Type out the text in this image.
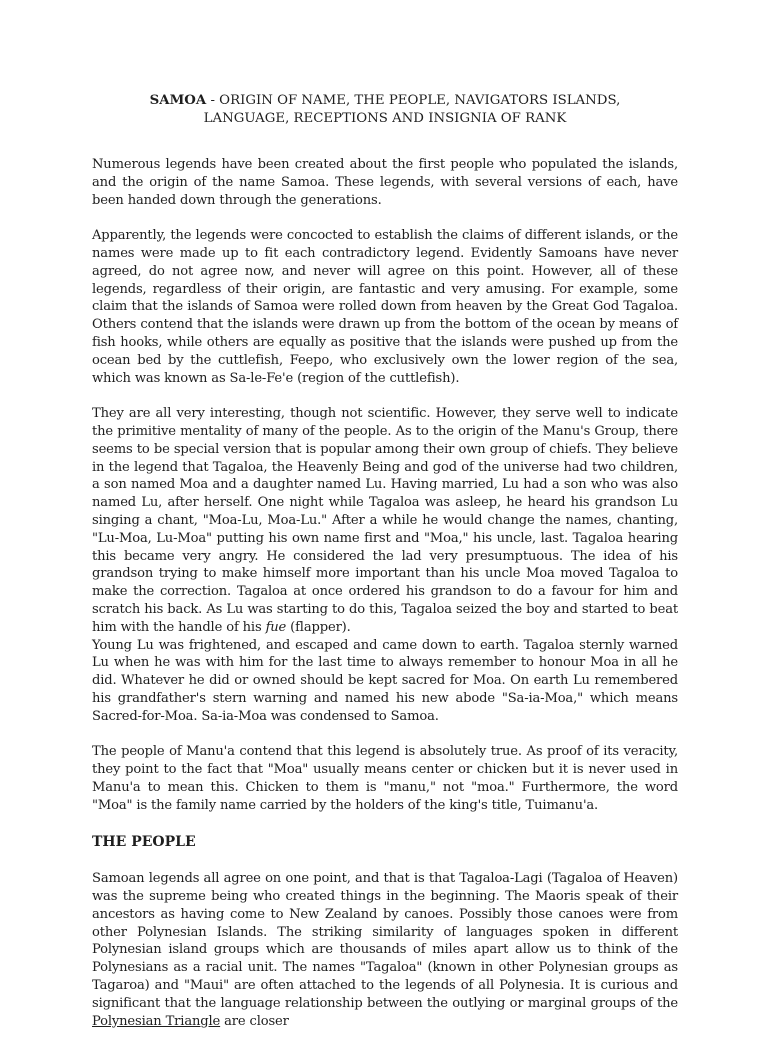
SAMOA - ORIGIN OF NAME, THE PEOPLE, NAVIGATORS ISLANDS,
LANGUAGE, RECEPTIONS AND INSIGNIA OF RANK

Numerous legends have been created about the first people who populated the islands, and the origin of the name Samoa. These legends, with several versions of each, have been handed down through the generations.

Apparently, the legends were concocted to establish the claims of different islands, or the names were made up to fit each contradictory legend. Evidently Samoans have never agreed, do not agree now, and never will agree on this point. However, all of these legends, regardless of their origin, are fantastic and very amusing. For example, some claim that the islands of Samoa were rolled down from heaven by the Great God Tagaloa. Others contend that the islands were drawn up from the bottom of the ocean by means of fish hooks, while others are equally as positive that the islands were pushed up from the ocean bed by the cuttlefish, Feepo, who exclusively own the lower region of the sea, which was known as Sa-le-Fe'e (region of the cuttlefish).

They are all very interesting, though not scientific. However, they serve well to indicate the primitive mentality of many of the people. As to the origin of the Manu's Group, there seems to be special version that is popular among their own group of chiefs. They believe in the legend that Tagaloa, the Heavenly Being and god of the universe had two children, a son named Moa and a daughter named Lu. Having married, Lu had a son who was also named Lu, after herself. One night while Tagaloa was asleep, he heard his grandson Lu singing a chant, "Moa-Lu, Moa-Lu." After a while he would change the names, chanting, "Lu-Moa, Lu-Moa" putting his own name first and "Moa," his uncle, last. Tagaloa hearing this became very angry. He considered the lad very presumptuous. The idea of his grandson trying to make himself more important than his uncle Moa moved Tagaloa to make the correction. Tagaloa at once ordered his grandson to do a favour for him and scratch his back. As Lu was starting to do this, Tagaloa seized the boy and started to beat him with the handle of his fue (flapper).

Young Lu was frightened, and escaped and came down to earth. Tagaloa sternly warned Lu when he was with him for the last time to always remember to honour Moa in all he did. Whatever he did or owned should be kept sacred for Moa. On earth Lu remembered his grandfather's stern warning and named his new abode "Sa-ia-Moa," which means Sacred-for-Moa. Sa-ia-Moa was condensed to Samoa.

The people of Manu'a contend that this legend is absolutely true. As proof of its veracity, they point to the fact that "Moa" usually means center or chicken but it is never used in Manu'a to mean this. Chicken to them is "manu," not "moa." Furthermore, the word "Moa" is the family name carried by the holders of the king's title, Tuimanu'a.

THE PEOPLE

Samoan legends all agree on one point, and that is that Tagaloa-Lagi (Tagaloa of Heaven) was the supreme being who created things in the beginning. The Maoris speak of their ancestors as having come to New Zealand by canoes. Possibly those canoes were from other Polynesian Islands. The striking similarity of languages spoken in different Polynesian island groups which are thousands of miles apart allow us to think of the Polynesians as a racial unit. The names "Tagaloa" (known in other Polynesian groups as Tagaroa) and "Maui" are often attached to the legends of all Polynesia. It is curious and significant that the language relationship between the outlying or marginal groups of the Polynesian Triangle are closer
